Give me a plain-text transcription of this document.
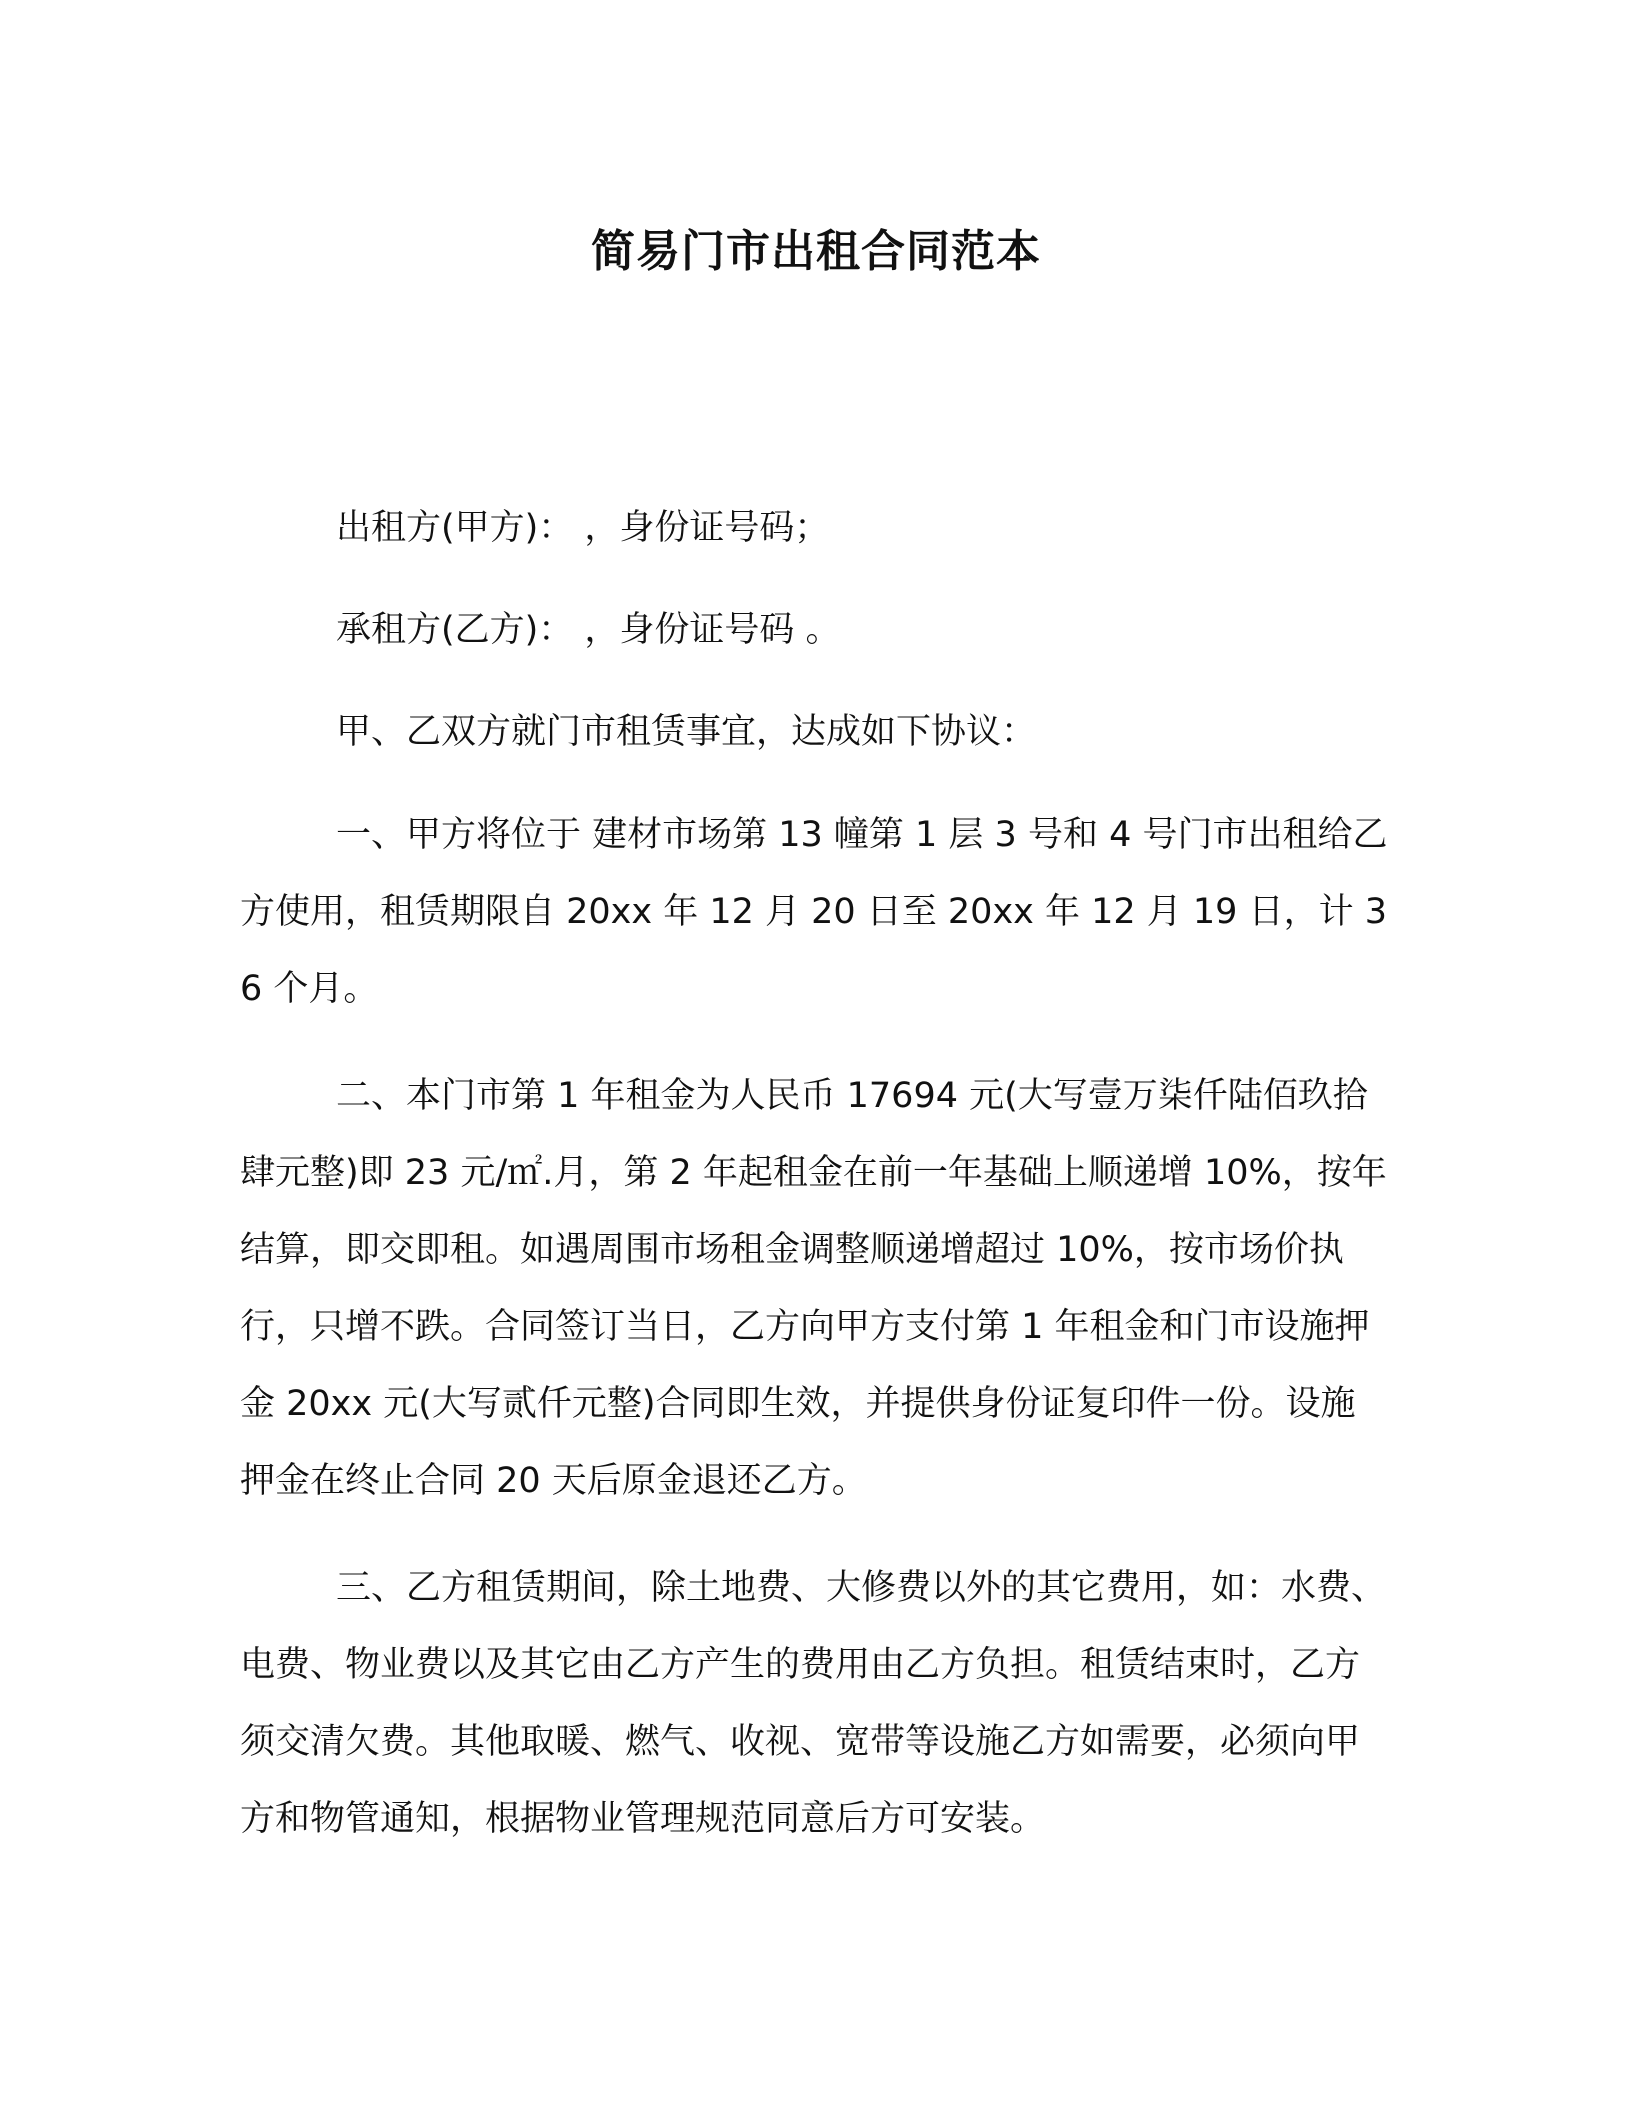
简易门市出租合同范本

出租方(甲方)： ，身份证号码；

承租方(乙方)： ，身份证号码 。

甲、乙双方就门市租赁事宜，达成如下协议：

一、甲方将位于 建材市场第 13 幢第 1 层 3 号和 4 号门市出租给乙方使用，租赁期限自 20xx 年 12 月 20 日至 20xx 年 12 月 19 日，计 36 个月。

二、本门市第 1 年租金为人民币 17694 元(大写壹万柒仟陆佰玖拾肆元整)即 23 元/㎡.月，第 2 年起租金在前一年基础上顺递增 10%，按年结算，即交即租。如遇周围市场租金调整顺递增超过 10%，按市场价执行，只增不跌。合同签订当日，乙方向甲方支付第 1 年租金和门市设施押金 20xx 元(大写贰仟元整)合同即生效，并提供身份证复印件一份。设施押金在终止合同 20 天后原金退还乙方。

三、乙方租赁期间，除土地费、大修费以外的其它费用，如：水费、电费、物业费以及其它由乙方产生的费用由乙方负担。租赁结束时，乙方须交清欠费。其他取暖、燃气、收视、宽带等设施乙方如需要，必须向甲方和物管通知，根据物业管理规范同意后方可安装。
